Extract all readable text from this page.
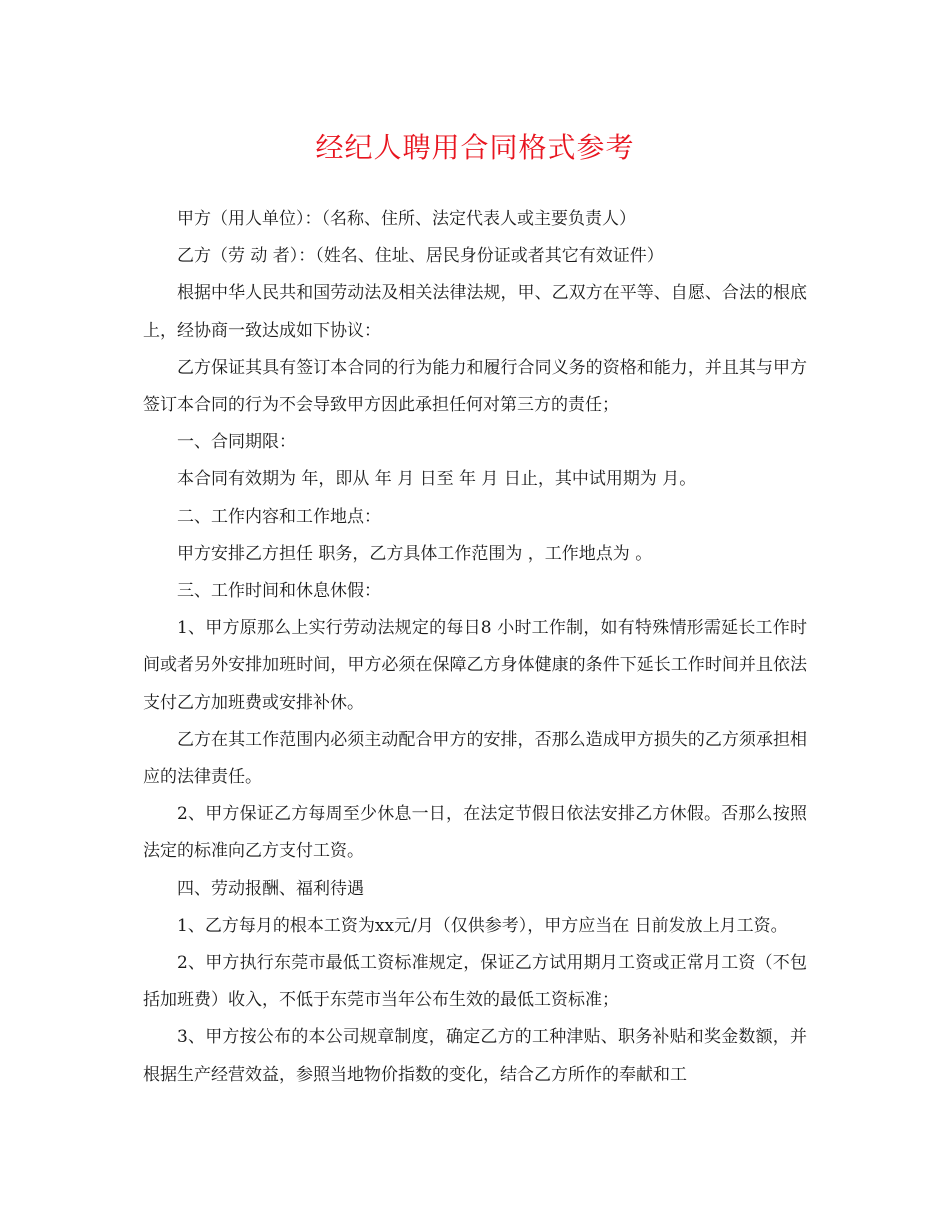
经纪人聘用合同格式参考

甲方（用人单位）：（名称、住所、法定代表人或主要负责人）

乙方（劳 动 者）：（姓名、住址、居民身份证或者其它有效证件）

根据中华人民共和国劳动法及相关法律法规，甲、乙双方在平等、自愿、合法的根底上，经协商一致达成如下协议：

乙方保证其具有签订本合同的行为能力和履行合同义务的资格和能力，并且其与甲方签订本合同的行为不会导致甲方因此承担任何对第三方的责任；

一、合同期限：

本合同有效期为 年，即从 年 月 日至 年 月 日止，其中试用期为 月。

二、工作内容和工作地点：

甲方安排乙方担任 职务，乙方具体工作范围为 ，工作地点为 。

三、工作时间和休息休假：

1、甲方原那么上实行劳动法规定的每日8 小时工作制，如有特殊情形需延长工作时间或者另外安排加班时间，甲方必须在保障乙方身体健康的条件下延长工作时间并且依法支付乙方加班费或安排补休。

乙方在其工作范围内必须主动配合甲方的安排，否那么造成甲方损失的乙方须承担相应的法律责任。

2、甲方保证乙方每周至少休息一日，在法定节假日依法安排乙方休假。否那么按照法定的标准向乙方支付工资。

四、劳动报酬、福利待遇

1、乙方每月的根本工资为xx元/月（仅供参考），甲方应当在 日前发放上月工资。

2、甲方执行东莞市最低工资标准规定，保证乙方试用期月工资或正常月工资（不包括加班费）收入，不低于东莞市当年公布生效的最低工资标准；

3、甲方按公布的本公司规章制度，确定乙方的工种津贴、职务补贴和奖金数额，并根据生产经营效益，参照当地物价指数的变化，结合乙方所作的奉献和工
